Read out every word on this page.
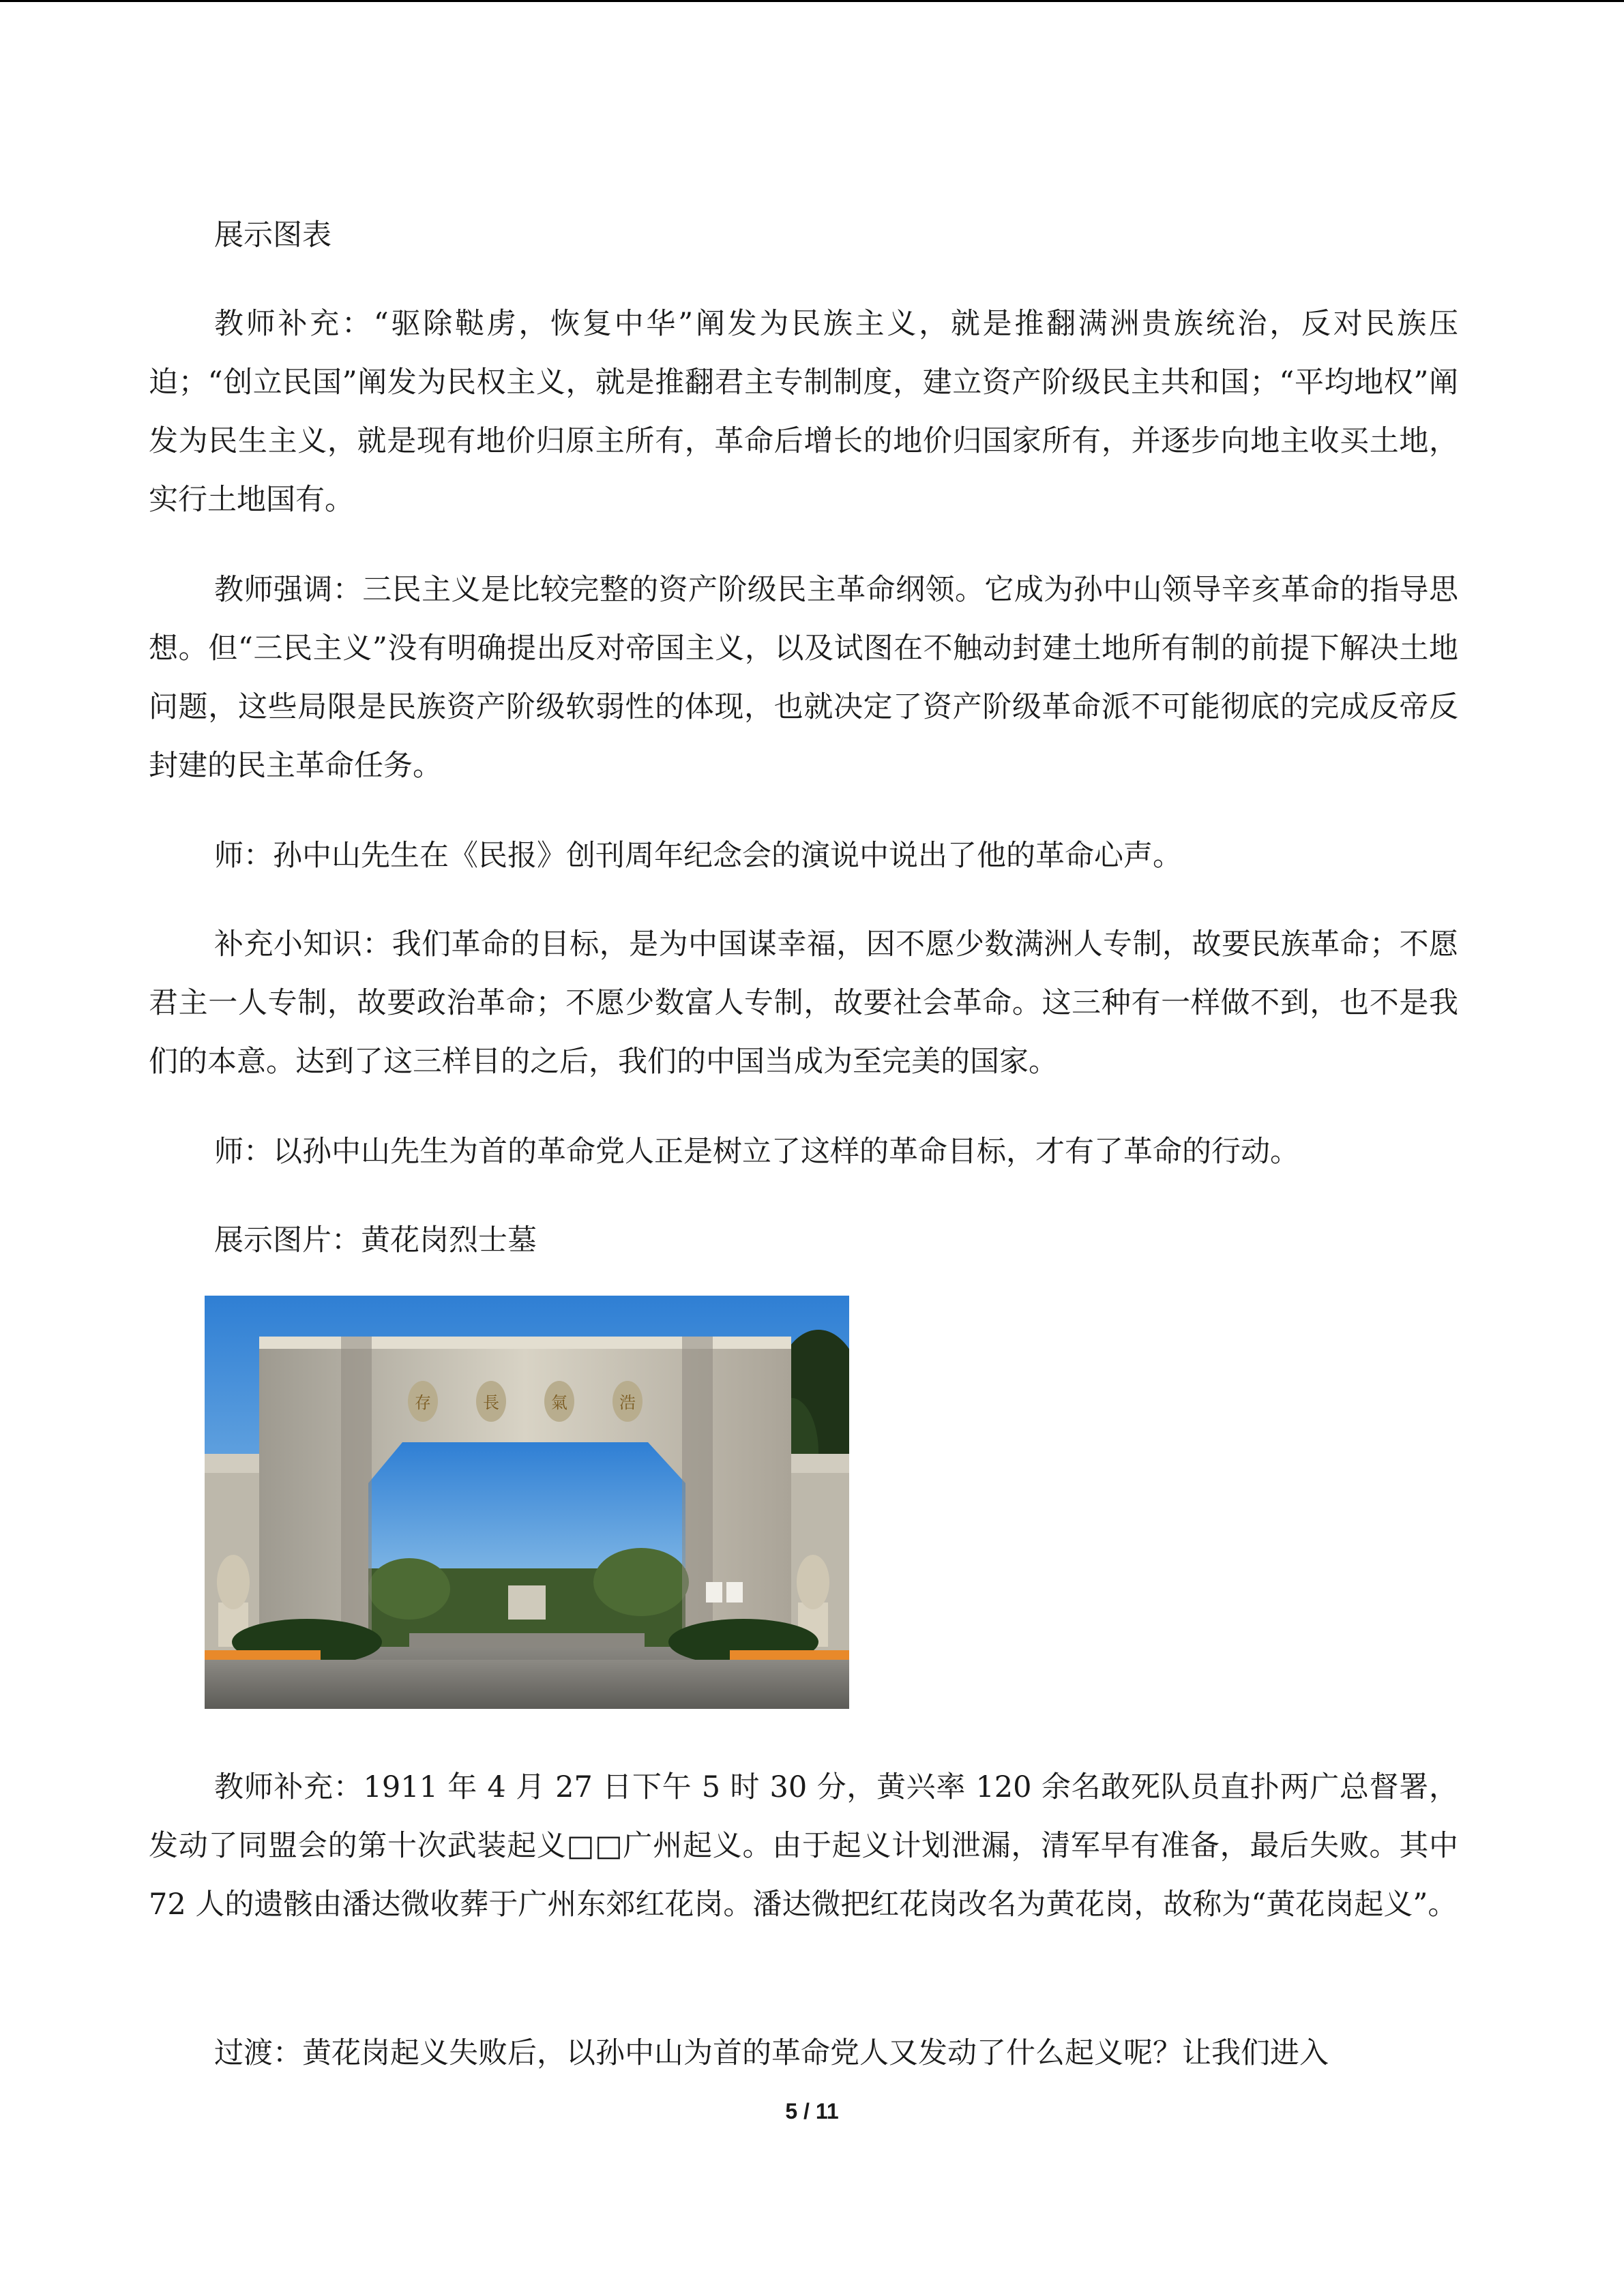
展示图表

教师补充：“驱除鞑虏，恢复中华”阐发为民族主义，就是推翻满洲贵族统治，反对民族压迫；“创立民国”阐发为民权主义，就是推翻君主专制制度，建立资产阶级民主共和国；“平均地权”阐发为民生主义，就是现有地价归原主所有，革命后增长的地价归国家所有，并逐步向地主收买土地，实行土地国有。

教师强调：三民主义是比较完整的资产阶级民主革命纲领。它成为孙中山领导辛亥革命的指导思想。但“三民主义”没有明确提出反对帝国主义，以及试图在不触动封建土地所有制的前提下解决土地问题，这些局限是民族资产阶级软弱性的体现，也就决定了资产阶级革命派不可能彻底的完成反帝反封建的民主革命任务。

师：孙中山先生在《民报》创刊周年纪念会的演说中说出了他的革命心声。

补充小知识：我们革命的目标，是为中国谋幸福，因不愿少数满洲人专制，故要民族革命；不愿君主一人专制，故要政治革命；不愿少数富人专制，故要社会革命。这三种有一样做不到，也不是我们的本意。达到了这三样目的之后，我们的中国当成为至完美的国家。

师：以孙中山先生为首的革命党人正是树立了这样的革命目标，才有了革命的行动。

展示图片：黄花岗烈士墓

浩
氣
長
存

教师补充：1911 年 4 月 27 日下午 5 时 30 分，黄兴率 120 余名敢死队员直扑两广总督署，发动了同盟会的第十次武装起义□□广州起义。由于起义计划泄漏，清军早有准备，最后失败。其中 72 人的遗骸由潘达微收葬于广州东郊红花岗。潘达微把红花岗改名为黄花岗，故称为“黄花岗起义”。

过渡：黄花岗起义失败后，以孙中山为首的革命党人又发动了什么起义呢？让我们进入

5 / 11
